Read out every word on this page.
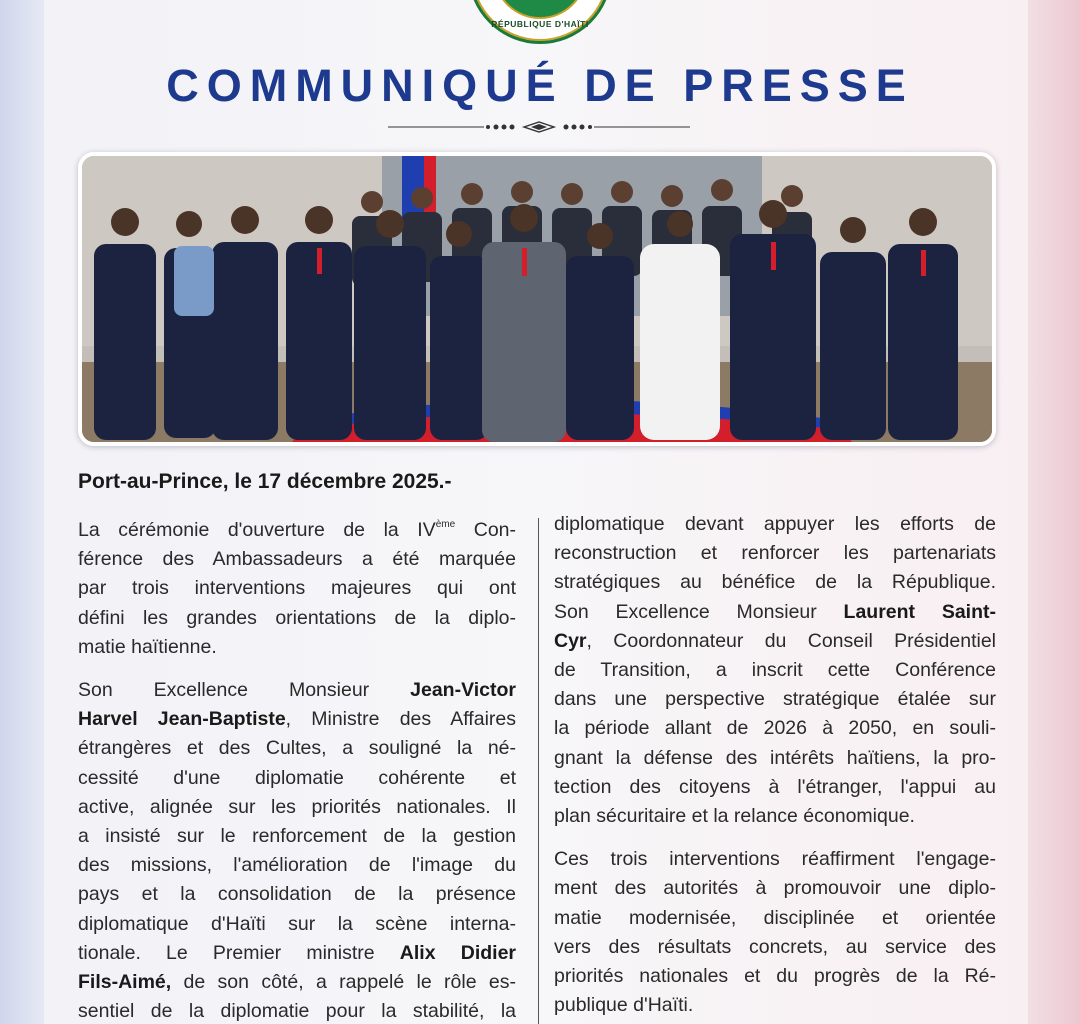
RÉPUBLIQUE D'HAÏTI
COMMUNIQUÉ DE PRESSE
Port-au-Prince, le 17 décembre 2025.-
La cérémonie d'ouverture de la IVème Con-
férence des Ambassadeurs a été marquée
par trois interventions majeures qui ont
défini les grandes orientations de la diplo-
matie haïtienne.
Son Excellence Monsieur Jean-Victor
Harvel Jean-Baptiste, Ministre des Affaires
étrangères et des Cultes, a souligné la né-
cessité d'une diplomatie cohérente et
active, alignée sur les priorités nationales. Il
a insisté sur le renforcement de la gestion
des missions, l'amélioration de l'image du
pays et la consolidation de la présence
diplomatique d'Haïti sur la scène interna-
tionale. Le Premier ministre Alix Didier
Fils-Aimé, de son côté, a rappelé le rôle es-
sentiel de la diplomatie pour la stabilité, la
diplomatique devant appuyer les efforts de
reconstruction et renforcer les partenariats
stratégiques au bénéfice de la République.
Son Excellence Monsieur Laurent Saint-
Cyr, Coordonnateur du Conseil Présidentiel
de Transition, a inscrit cette Conférence
dans une perspective stratégique étalée sur
la période allant de 2026 à 2050, en souli-
gnant la défense des intérêts haïtiens, la pro-
tection des citoyens à l'étranger, l'appui au
plan sécuritaire et la relance économique.
Ces trois interventions réaffirment l'engage-
ment des autorités à promouvoir une diplo-
matie modernisée, disciplinée et orientée
vers des résultats concrets, au service des
priorités nationales et du progrès de la Ré-
publique d'Haïti.
